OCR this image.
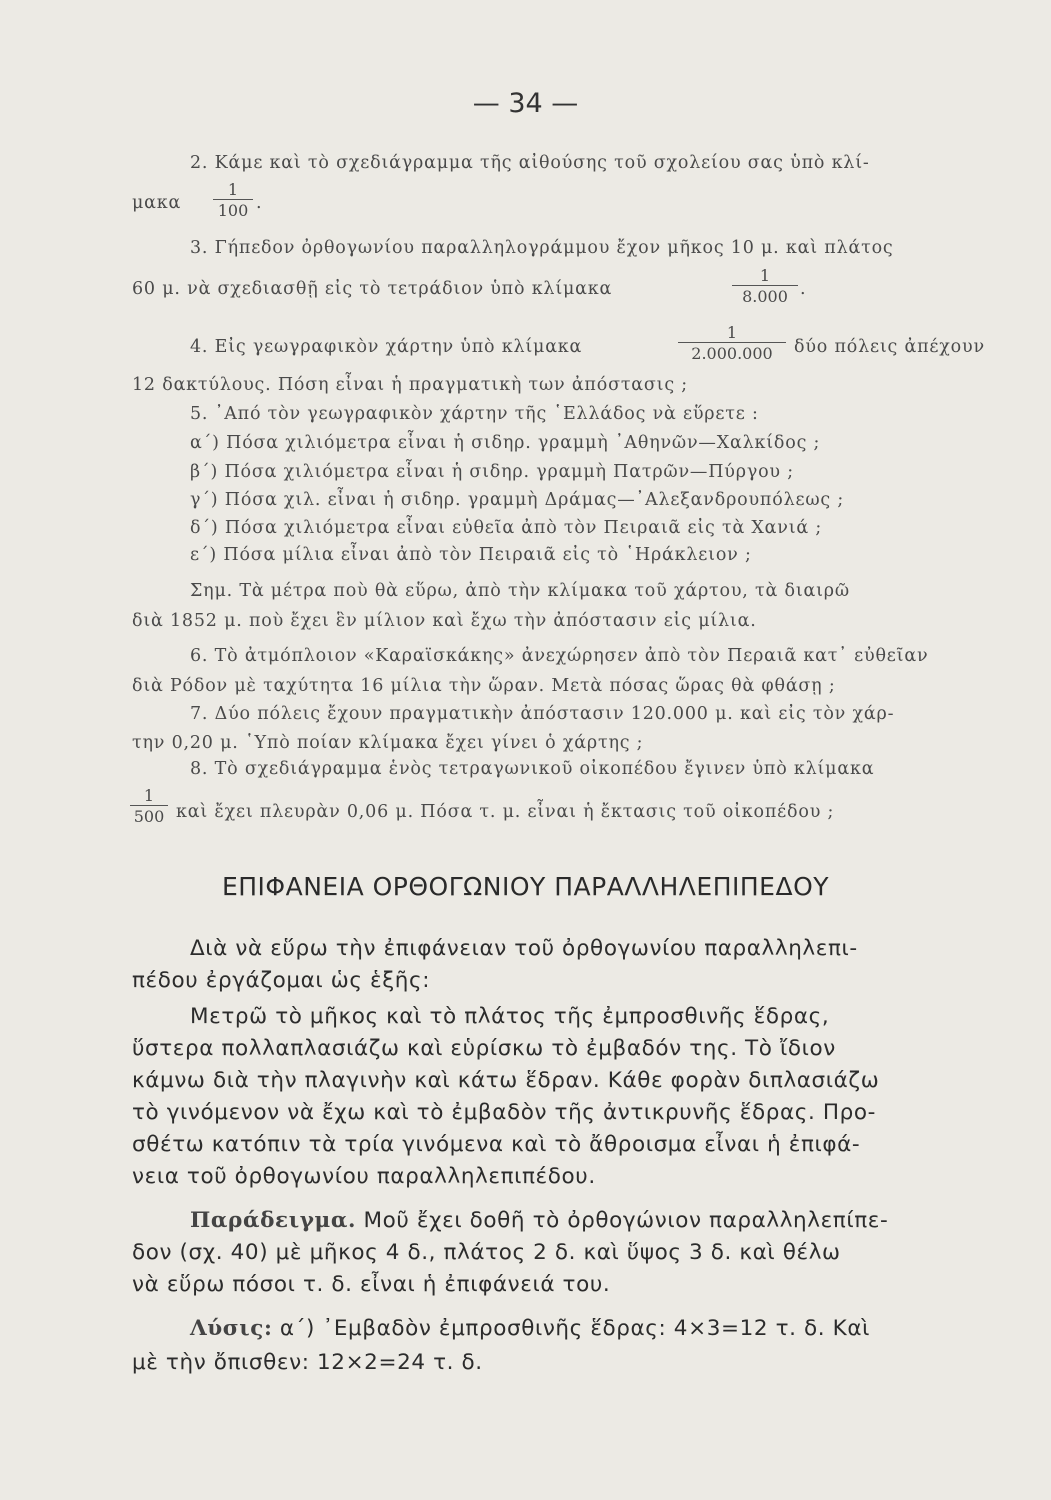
— 34 —
2. Κάμε καὶ τὸ σχεδιάγραμμα τῆς αἰθούσης τοῦ σχολείου σας ὑπὸ κλί-
μακα $\frac{1}{100}$ .
3. Γήπεδον ὀρθογωνίου παραλληλογράμμου ἔχον μῆκος 10 μ. καὶ πλάτος
60 μ. νὰ σχεδιασθῇ εἰς τὸ τετράδιον ὑπὸ κλίμακα	$\frac{1}{8.000}$ .
4. Εἰς γεωγραφικὸν χάρτην ὑπὸ κλίμακα	$\frac{1}{2.000.000}$ δύο πόλεις ἀπέχουν
12 δακτύλους. Πόση εἶναι ἡ πραγματικὴ των ἀπόστασις ;
5. ᾿Από τὸν γεωγραφικὸν χάρτην τῆς ῾Ελλάδος νὰ εὕρετε :
α΄) Πόσα χιλιόμετρα εἶναι ἡ σιδηρ. γραμμὴ ᾿Αθηνῶν—Χαλκίδος ;
β΄) Πόσα χιλιόμετρα εἶναι ἡ σιδηρ. γραμμὴ Πατρῶν—Πύργου ;
γ΄) Πόσα χιλ. εἶναι ἡ σιδηρ. γραμμὴ Δράμας—᾿Αλεξανδρουπόλεως ;
δ΄) Πόσα χιλιόμετρα εἶναι εὐθεῖα ἀπὸ τὸν Πειραιᾶ εἰς τὰ Χανιά ;
ε΄) Πόσα μίλια εἶναι ἀπὸ τὸν Πειραιᾶ εἰς τὸ ῾Ηράκλειον ;
Σημ. Τὰ μέτρα ποὺ θὰ εὕρω, ἀπὸ τὴν κλίμακα τοῦ χάρτου, τὰ διαιρῶ
διὰ 1852 μ. ποὺ ἔχει ἓν μίλιον καὶ ἔχω τὴν ἀπόστασιν εἰς μίλια.
6. Τὸ ἀτμόπλοιον «Καραϊσκάκης» ἀνεχώρησεν ἀπὸ τὸν Περαιᾶ κατ᾿ εὐθεῖαν
διὰ Ρόδον μὲ ταχύτητα 16 μίλια τὴν ὥραν. Μετὰ πόσας ὥρας θὰ φθάσῃ ;
7. Δύο πόλεις ἔχουν πραγματικὴν ἀπόστασιν 120.000 μ. καὶ εἰς τὸν χάρ-
την 0,20 μ. ῾Υπὸ ποίαν κλίμακα ἔχει γίνει ὁ χάρτης ;
8. Τὸ σχεδιάγραμμα ἑνὸς τετραγωνικοῦ οἰκοπέδου ἔγινεν ὑπὸ κλίμακα
$\frac{1}{500}$ καὶ ἔχει πλευρὰν 0,06 μ. Πόσα τ. μ. εἶναι ἡ ἔκτασις τοῦ οἰκοπέδου ;
ΕΠΙΦΑΝΕΙΑ ΟΡΘΟΓΩΝΙΟΥ ΠΑΡΑΛΛΗΛΕΠΙΠΕΔΟΥ
Διὰ νὰ εὕρω τὴν ἐπιφάνειαν τοῦ ὀρθογωνίου παραλληλεπι-
πέδου ἐργάζομαι ὡς ἑξῆς:
Μετρῶ τὸ μῆκος καὶ τὸ πλάτος τῆς ἐμπροσθινῆς ἕδρας,
ὕστερα πολλαπλασιάζω καὶ εὑρίσκω τὸ ἐμβαδόν της. Τὸ ἴδιον
κάμνω διὰ τὴν πλαγινὴν καὶ κάτω ἕδραν. Κάθε φορὰν διπλασιάζω
τὸ γινόμενον νὰ ἔχω καὶ τὸ ἐμβαδὸν τῆς ἀντικρυνῆς ἕδρας. Προ-
σθέτω κατόπιν τὰ τρία γινόμενα καὶ τὸ ἄθροισμα εἶναι ἡ ἐπιφά-
νεια τοῦ ὀρθογωνίου παραλληλεπιπέδου.
Παράδειγμα. Μοῦ ἔχει δοθῆ τὸ ὀρθογώνιον παραλληλεπίπε-
δον (σχ. 40) μὲ μῆκος 4 δ., πλάτος 2 δ. καὶ ὕψος 3 δ. καὶ θέλω
νὰ εὕρω πόσοι τ. δ. εἶναι ἡ ἐπιφάνειά του.
Λύσις: α΄) ᾿Εμβαδὸν ἐμπροσθινῆς ἕδρας: 4×3=12 τ. δ. Καὶ
μὲ τὴν ὄπισθεν: 12×2=24 τ. δ.
